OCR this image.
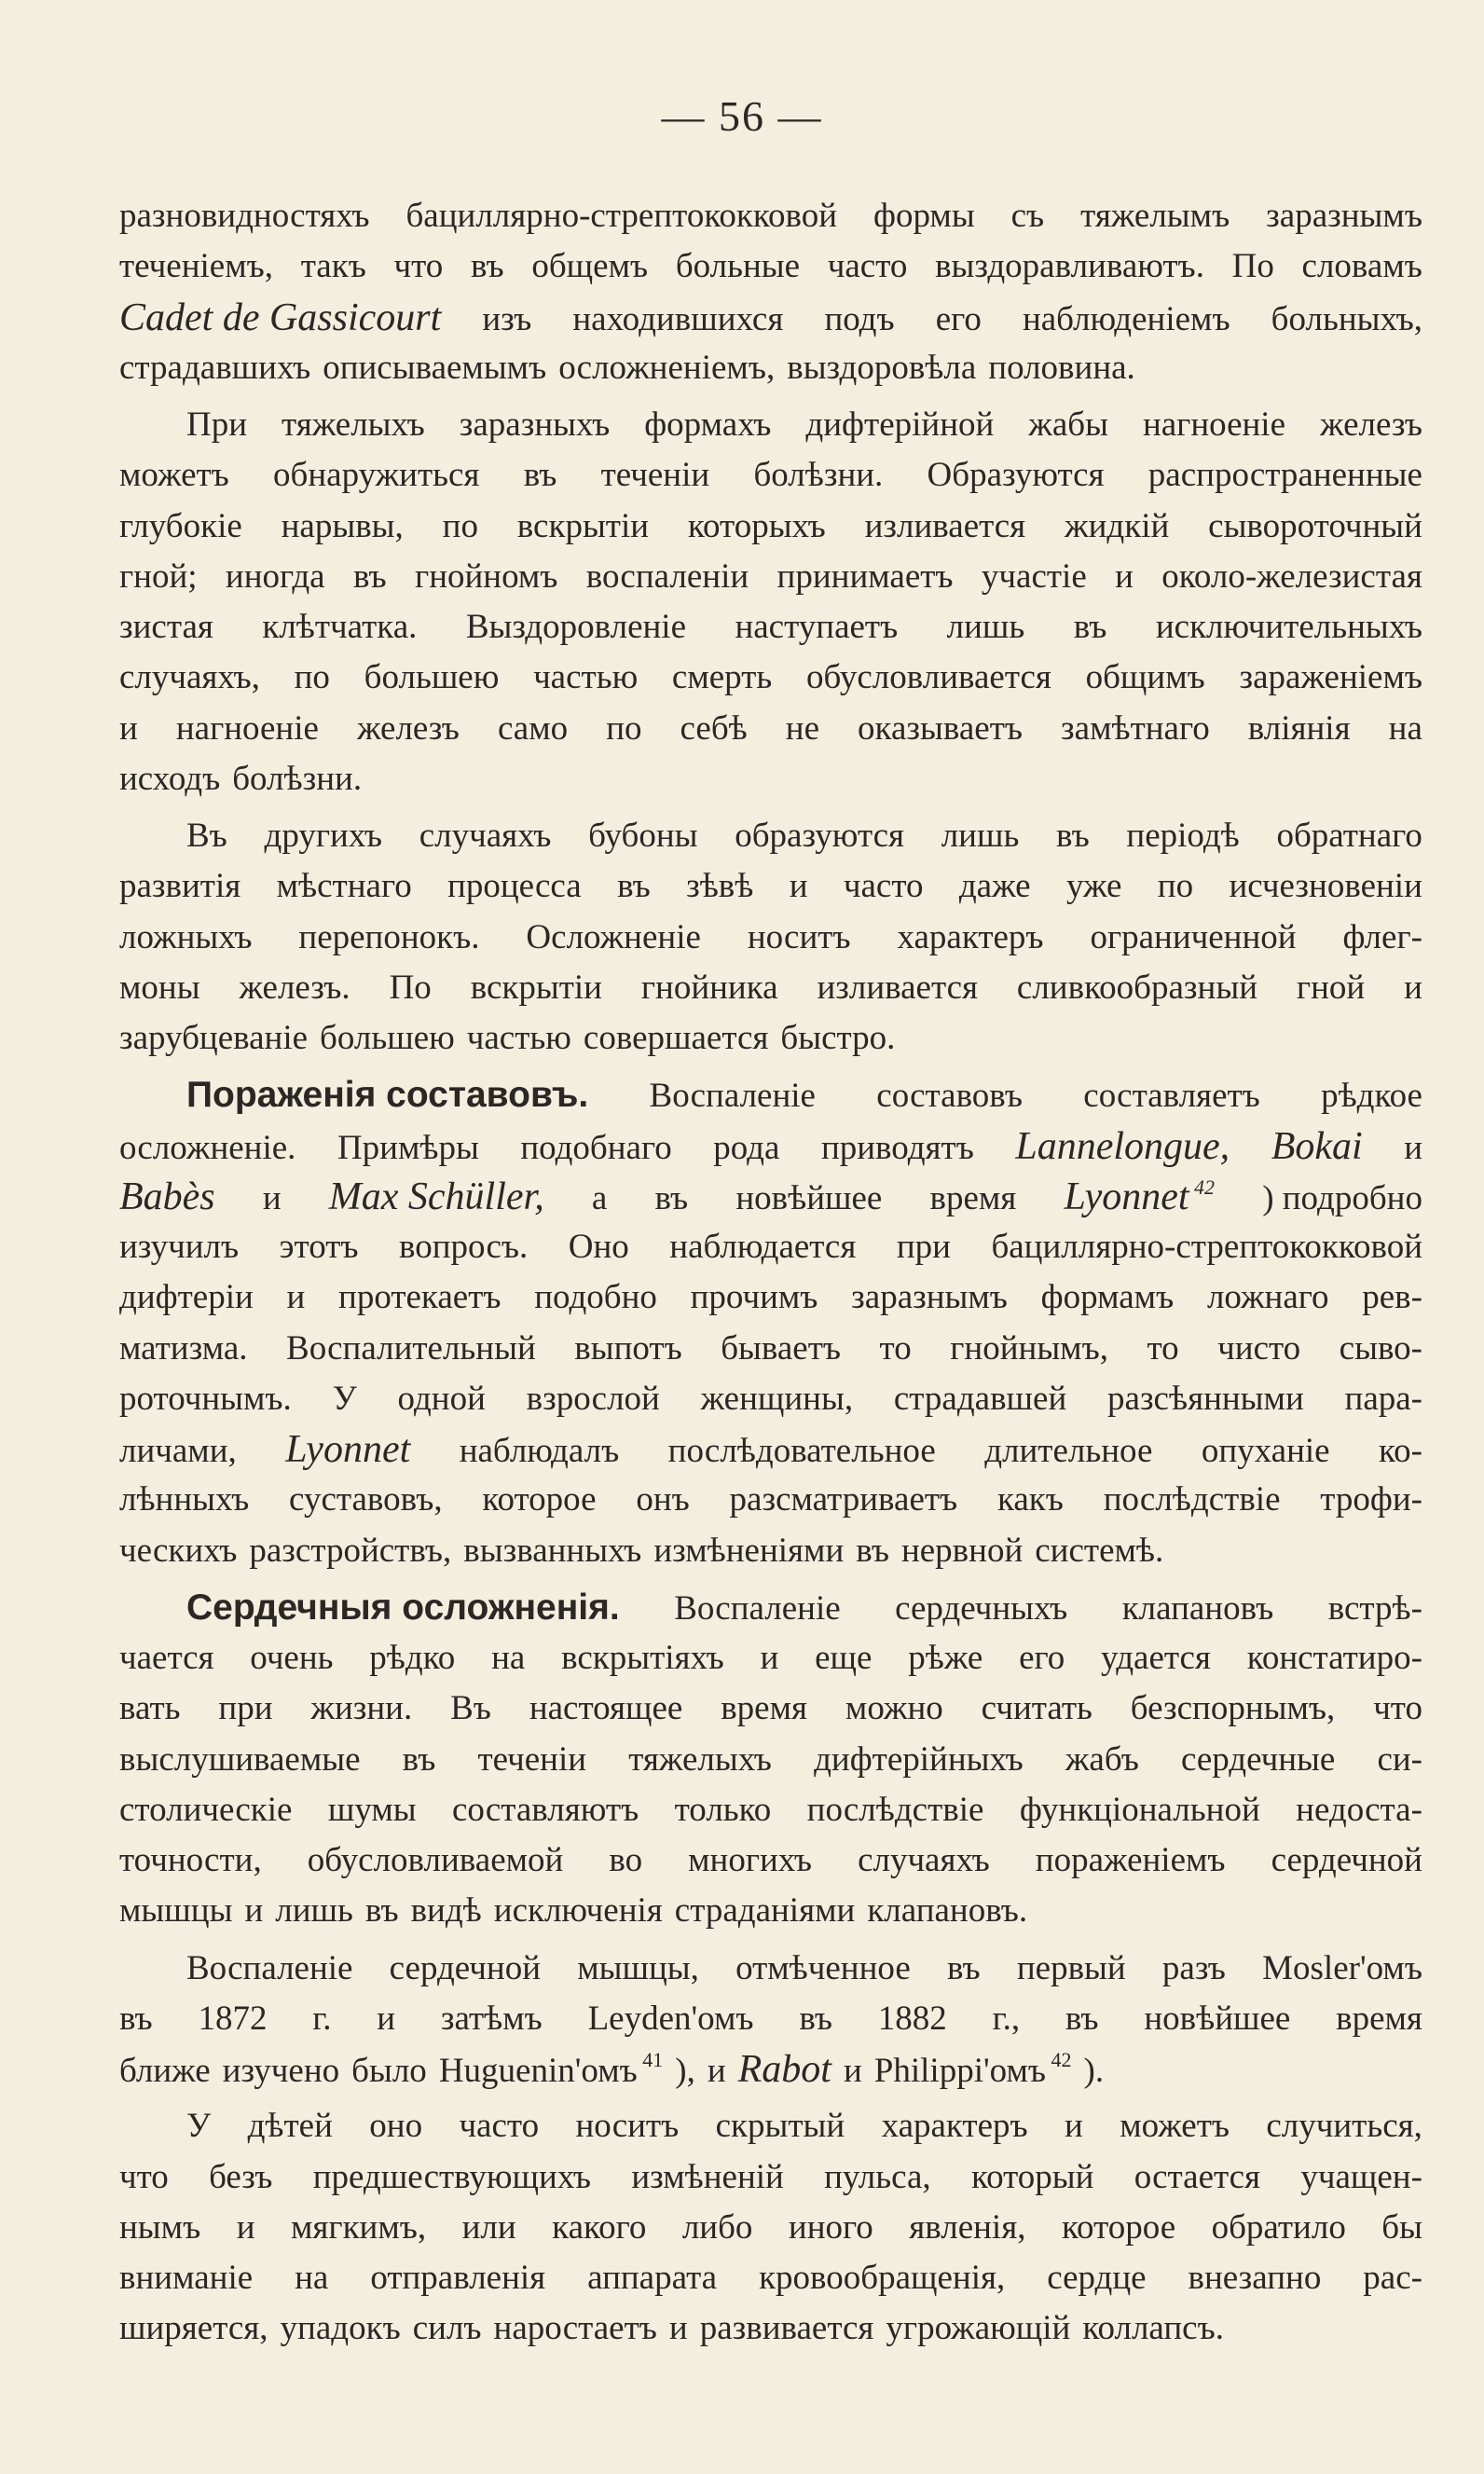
— 56 —
разновидностяхъ бациллярно-стрептококковой формы съ тяжелымъ заразнымъ
теченіемъ, такъ что въ общемъ больные часто выздоравливаютъ. По словамъ
Cadet de Gassicourt изъ находившихся подъ его наблюденіемъ больныхъ,
страдавшихъ описываемымъ осложненіемъ, выздоровѣла половина.
При тяжелыхъ заразныхъ формахъ дифтерійной жабы нагноеніе железъ
можетъ обнаружиться въ теченіи болѣзни. Образуются распространенные
глубокіе нарывы, по вскрытіи которыхъ изливается жидкій сывороточный
гной; иногда въ гнойномъ воспаленіи принимаетъ участіе и около-железистая
зистая клѣтчатка. Выздоровленіе наступаетъ лишь въ исключительныхъ
случаяхъ, по большею частью смерть обусловливается общимъ зараженіемъ
и нагноеніе железъ само по себѣ не оказываетъ замѣтнаго вліянія на
исходъ болѣзни.
Въ другихъ случаяхъ бубоны образуются лишь въ періодѣ обратнаго
развитія мѣстнаго процесса въ зѣвѣ и часто даже уже по исчезновеніи
ложныхъ перепонокъ. Осложненіе носитъ характеръ ограниченной флег-
моны железъ. По вскрытіи гнойника изливается сливкообразный гной и
зарубцеваніе большею частью совершается быстро.
Пораженія составовъ. Воспаленіе составовъ составляетъ рѣдкое
осложненіе. Примѣры подобнаго рода приводятъ Lannelongue, Bokai и
Babès и Max Schüller, а въ новѣйшее время Lyonnet $^{42}$ ) подробно
изучилъ этотъ вопросъ. Оно наблюдается при бациллярно-стрептококковой
дифтеріи и протекаетъ подобно прочимъ заразнымъ формамъ ложнаго рев-
матизма. Воспалительный выпотъ бываетъ то гнойнымъ, то чисто сыво-
роточнымъ. У одной взрослой женщины, страдавшей разсѣянными пара-
личами, Lyonnet наблюдалъ послѣдовательное длительное опуханіе ко-
лѣнныхъ суставовъ, которое онъ разсматриваетъ какъ послѣдствіе трофи-
ческихъ разстройствъ, вызванныхъ измѣненіями въ нервной системѣ.
Сердечныя осложненія. Воспаленіе сердечныхъ клапановъ встрѣ-
чается очень рѣдко на вскрытіяхъ и еще рѣже его удается констатиро-
вать при жизни. Въ настоящее время можно считать безспорнымъ, что
выслушиваемые въ теченіи тяжелыхъ дифтерійныхъ жабъ сердечные си-
столическіе шумы составляютъ только послѣдствіе функціональной недоста-
точности, обусловливаемой во многихъ случаяхъ пораженіемъ сердечной
мышцы и лишь въ видѣ исключенія страданіями клапановъ.
Воспаленіе сердечной мышцы, отмѣченное въ первый разъ Mosler'омъ
въ 1872 г. и затѣмъ Leyden'омъ въ 1882 г., въ новѣйшее время
ближе изучено было Huguenin'омъ $^{41}$ ), и Rabot и Philippi'омъ $^{42}$ ).
У дѣтей оно часто носитъ скрытый характеръ и можетъ случиться,
что безъ предшествующихъ измѣненій пульса, который остается учащен-
нымъ и мягкимъ, или какого либо иного явленія, которое обратило бы
вниманіе на отправленія аппарата кровообращенія, сердце внезапно рас-
ширяется, упадокъ силъ наростаетъ и развивается угрожающій коллапсъ.
